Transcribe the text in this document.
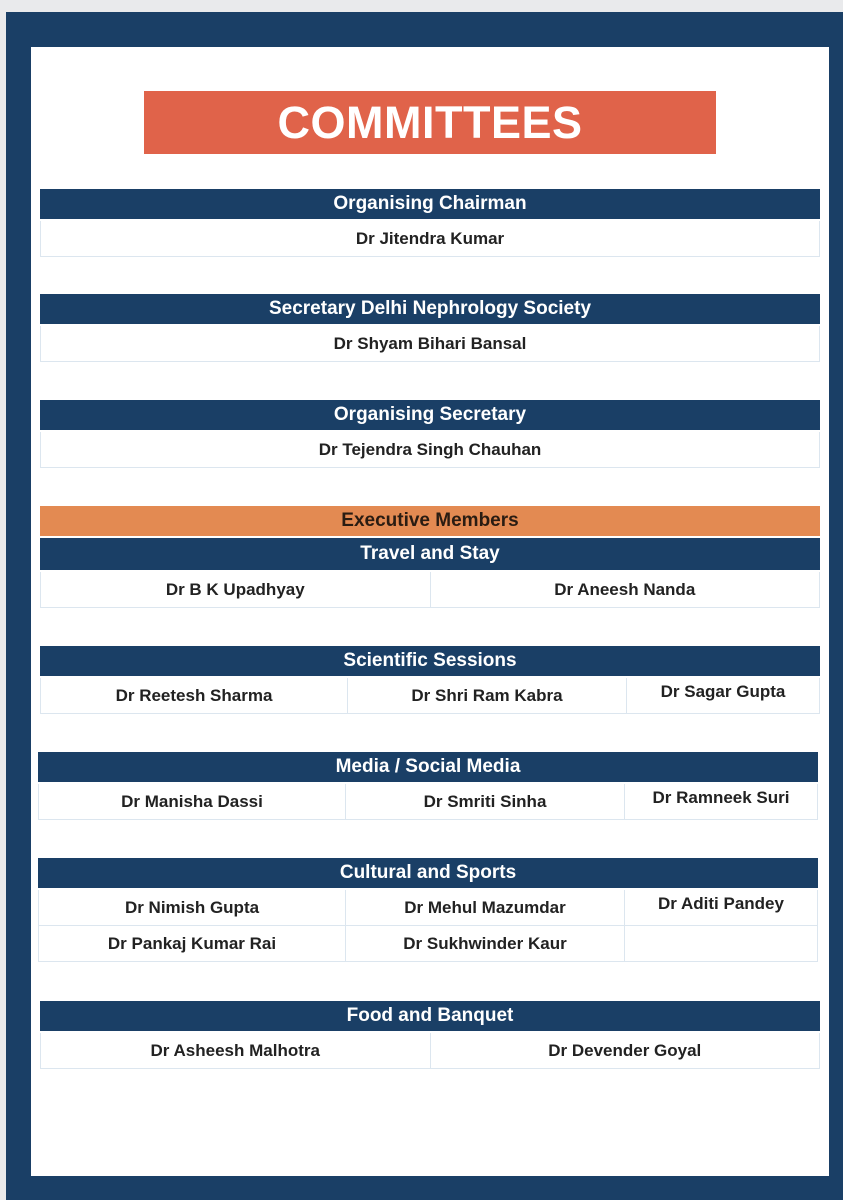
COMMITTEES
Organising Chairman
Dr Jitendra Kumar
Secretary Delhi Nephrology Society
Dr Shyam Bihari Bansal
Organising Secretary
Dr Tejendra Singh Chauhan
Executive Members
Travel and Stay
Dr B K Upadhyay	Dr Aneesh Nanda
Scientific Sessions
Dr Reetesh Sharma	Dr Shri Ram Kabra	Dr Sagar Gupta
Media / Social Media
Dr Manisha Dassi	Dr Smriti Sinha	Dr Ramneek Suri
Cultural and Sports
Dr Nimish Gupta	Dr Mehul Mazumdar	Dr Aditi Pandey
Dr Pankaj Kumar Rai	Dr Sukhwinder Kaur
Food and Banquet
Dr Asheesh Malhotra	Dr Devender Goyal
